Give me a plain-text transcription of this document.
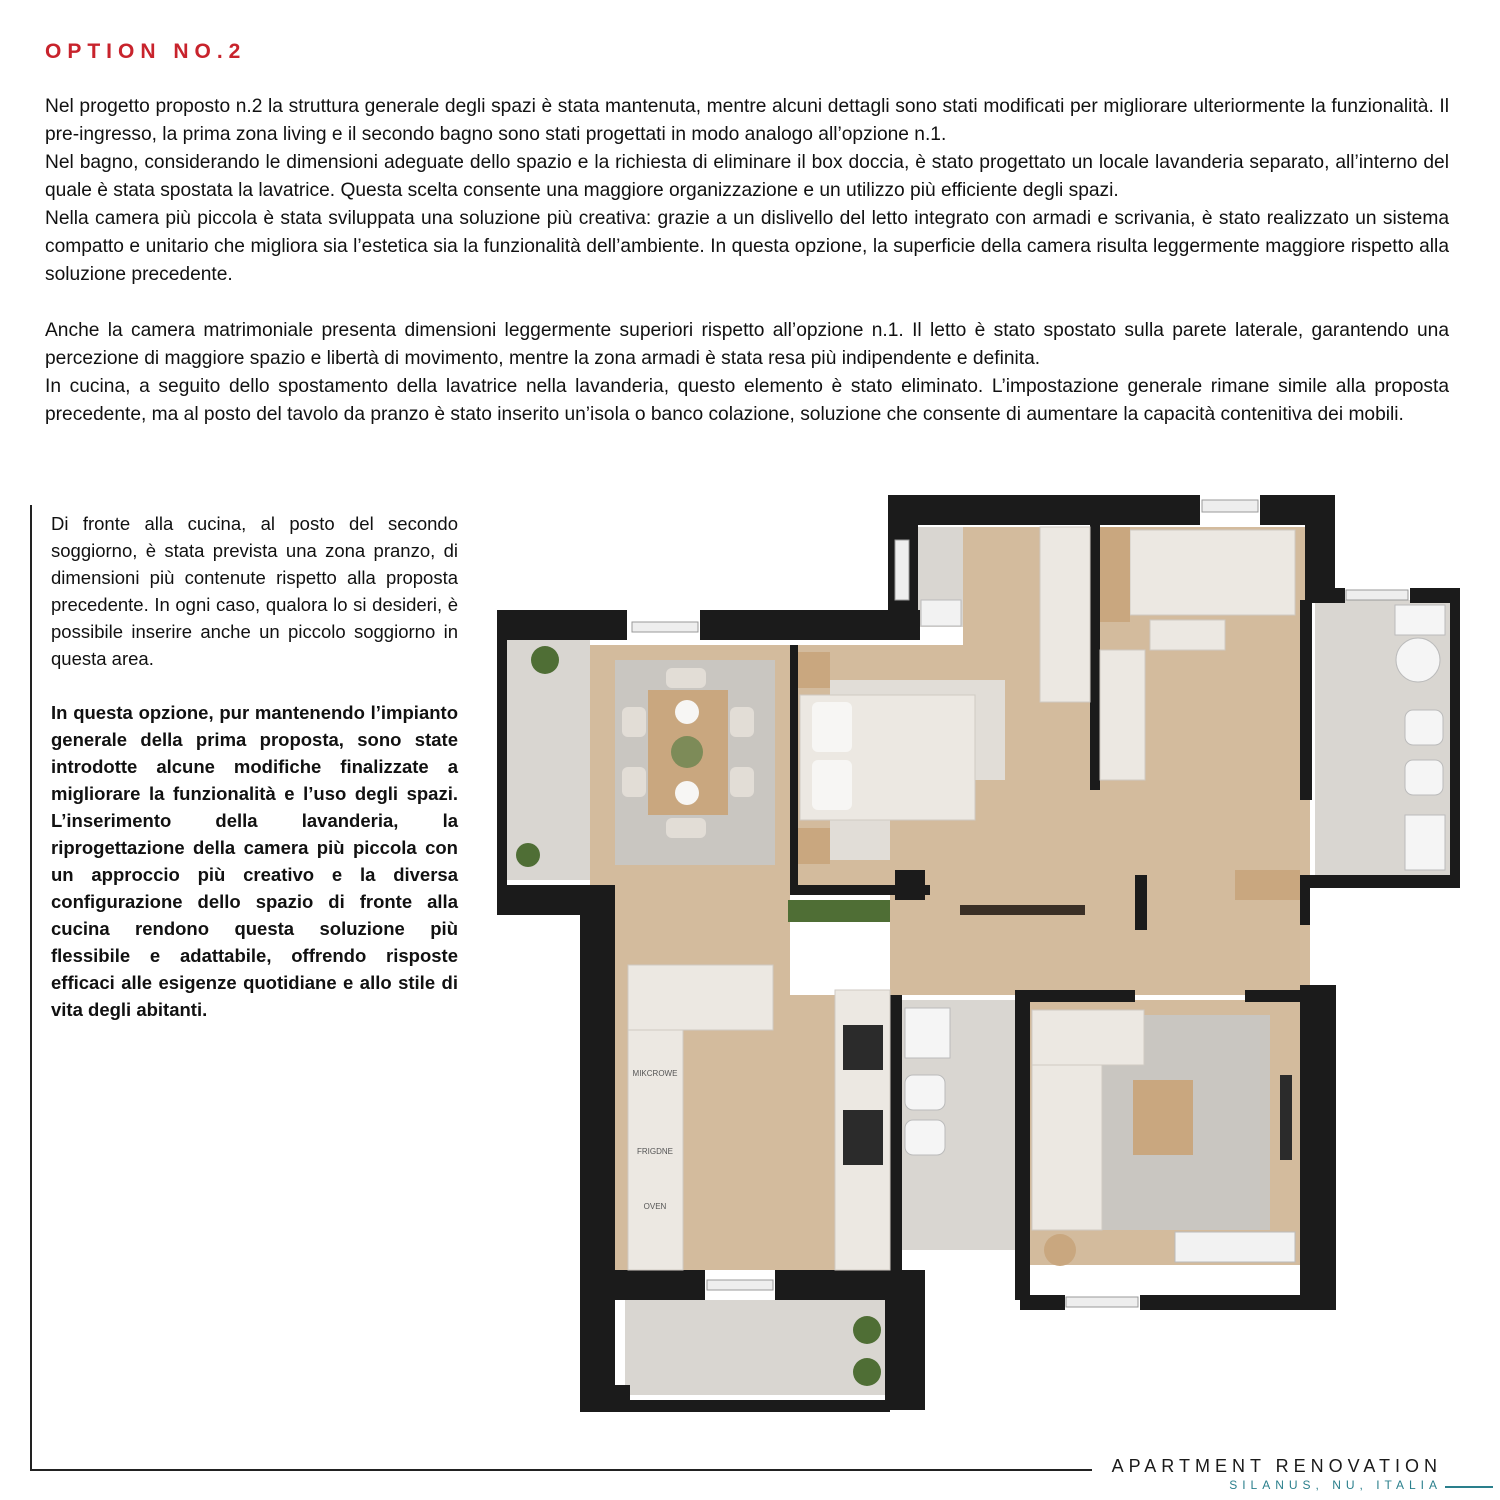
OPTION NO.2

Nel progetto proposto n.2 la struttura generale degli spazi è stata mantenuta, mentre alcuni dettagli sono stati modificati per migliorare ulteriormente la funzionalità. Il pre-ingresso, la prima zona living e il secondo bagno sono stati progettati in modo analogo all’opzione n.1.

Nel bagno, considerando le dimensioni adeguate dello spazio e la richiesta di eliminare il box doccia, è stato progettato un locale lavanderia separato, all’interno del quale è stata spostata la lavatrice. Questa scelta consente una maggiore organizzazione e un utilizzo più efficiente degli spazi.

Nella camera più piccola è stata sviluppata una soluzione più creativa: grazie a un dislivello del letto integrato con armadi e scrivania, è stato realizzato un sistema compatto e unitario che migliora sia l’estetica sia la funzionalità dell’ambiente. In questa opzione, la superficie della camera risulta leggermente maggiore rispetto alla soluzione precedente.

Anche la camera matrimoniale presenta dimensioni leggermente superiori rispetto all’opzione n.1. Il letto è stato spostato sulla parete laterale, garantendo una percezione di maggiore spazio e libertà di movimento, mentre la zona armadi è stata resa più indipendente e definita.

In cucina, a seguito dello spostamento della lavatrice nella lavanderia, questo elemento è stato eliminato. L’impostazione generale rimane simile alla proposta precedente, ma al posto del tavolo da pranzo è stato inserito un’isola o banco colazione, soluzione che consente di aumentare la capacità contenitiva dei mobili.

Di fronte alla cucina, al posto del secondo soggiorno, è stata prevista una zona pranzo, di dimensioni più contenute rispetto alla proposta precedente. In ogni caso, qualora lo si desideri, è possibile inserire anche un piccolo soggiorno in questa area.

In questa opzione, pur mantenendo l’impianto generale della prima proposta, sono state introdotte alcune modifiche finalizzate a migliorare la funzionalità e l’uso degli spazi. L’inserimento della lavanderia, la riprogettazione della camera più piccola con un approccio più creativo e la diversa configurazione dello spazio di fronte alla cucina rendono questa soluzione più flessibile e adattabile, offrendo risposte efficaci alle esigenze quotidiane e allo stile di vita degli abitanti.

MIKCROWE
FRIGDNE
OVEN
APARTMENT RENOVATION
SILANUS, NU, ITALIA
